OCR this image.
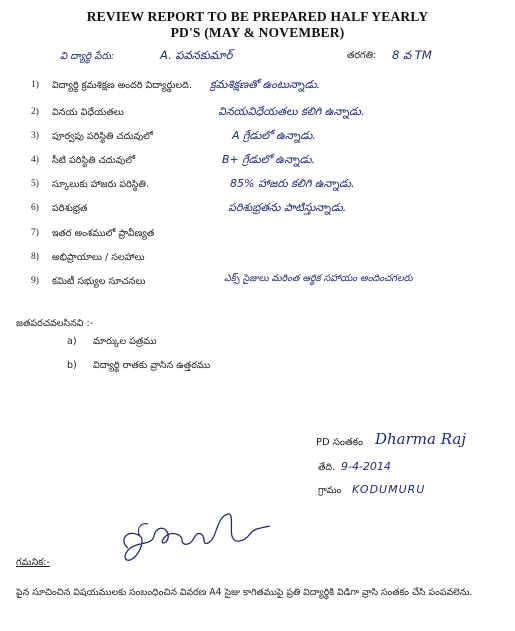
REVIEW REPORT TO BE PREPARED HALF YEARLY
PD'S (MAY & NOVEMBER)
వి ద్యార్థి పేరు:	A. పవనకుమార్	తరగతి: 8 వ TM
1) విద్యార్థి క్రమశిక్షణ అందరి విద్యార్థులది. క్రమశిక్షణతో ఉంటున్నాడు.
2) వినయ విధేయతలు	వినయవిధేయతలు కలిగి ఉన్నాడు.
3) పూర్వపు పరిస్థితి చదువులో	A గ్రేడులో ఉన్నాడు.
4) సీటి పరిస్థితి చదువులో	B+ గ్రేడులో ఉన్నాడు.
5) స్కూలుకు హాజరు పరిస్థితి.	85% హాజరు కలిగి ఉన్నాడు.
6) పరిశుభ్రత	పరిశుభ్రతను పాటిస్తున్నాడు.
7) ఇతర అంశములో ప్రావీణ్యత
8) అభిప్రాయాలు / సలహాలు
9) కమిటీ సభ్యుల సూచనలు	ఎక్స్ సైజులు మరింత ఆర్థిక సహాయం అందించగలరు
జతపరచవలసినవి :-
a) మార్కుల పత్రము
b) విద్యార్థి రాతకు వ్రాసిన ఉత్తరము
PD సంతకం Dharma Raj
తేది. 9-4-2014
గ్రామం KODUMURU
గమనిక:-
పైన సూచించిన విషయములకు సంబంధించిన వివరణ A4 సైజు కాగితముపై ప్రతి విద్యార్థికి విడిగా వ్రాసి సంతకం చేసి పంపవలెను.
